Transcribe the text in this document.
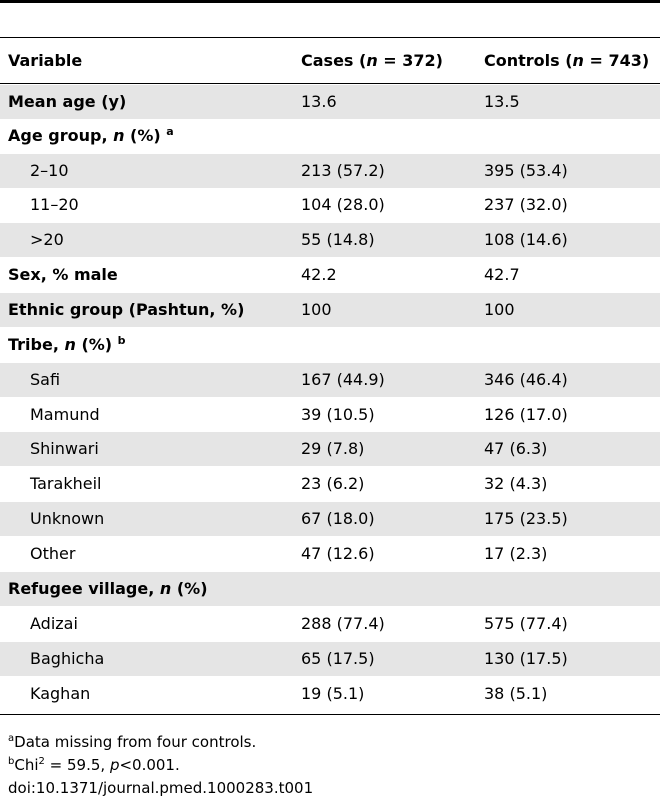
Variable	Cases (n = 372)	Controls (n = 743)
Mean age (y)	13.6	13.5
Age group, n (%) $^a$
2–10	213 (57.2)	395 (53.4)
11–20	104 (28.0)	237 (32.0)
>20	55 (14.8)	108 (14.6)
Sex, % male	42.2	42.7
Ethnic group (Pashtun, %)	100	100
Tribe, n (%) $^b$
Safi	167 (44.9)	346 (46.4)
Mamund	39 (10.5)	126 (17.0)
Shinwari	29 (7.8)	47 (6.3)
Tarakheil	23 (6.2)	32 (4.3)
Unknown	67 (18.0)	175 (23.5)
Other	47 (12.6)	17 (2.3)
Refugee village, n (%)
Adizai	288 (77.4)	575 (77.4)
Baghicha	65 (17.5)	130 (17.5)
Kaghan	19 (5.1)	38 (5.1)
$^a$Data missing from four controls.
$^b$Chi$^2$ = 59.5, p<0.001.
doi:10.1371/journal.pmed.1000283.t001
